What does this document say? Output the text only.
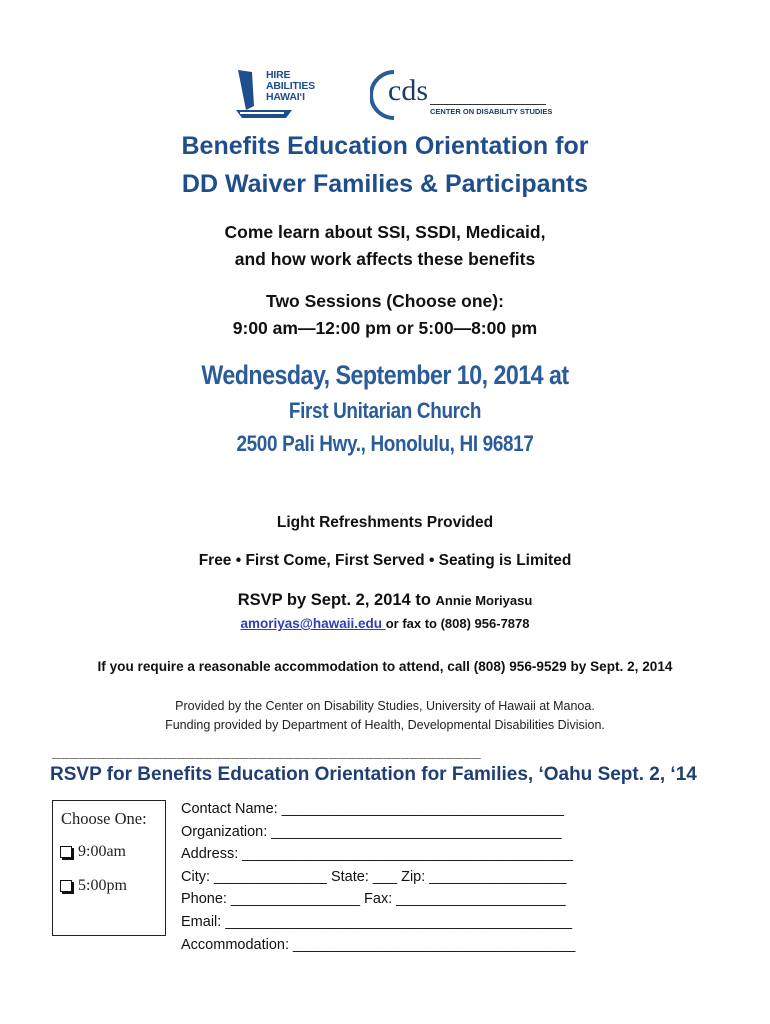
HIRE
ABILITIES
HAWAI‘I	cds
CENTER ON DISABILITY STUDIES
Benefits Education Orientation for
DD Waiver Families & Participants
Come learn about SSI, SSDI, Medicaid,
and how work affects these benefits
Two Sessions (Choose one):
9:00 am—12:00 pm or 5:00—8:00 pm
Wednesday, September 10, 2014 at
First Unitarian Church
2500 Pali Hwy., Honolulu, HI 96817
Light Refreshments Provided
Free • First Come, First Served • Seating is Limited
RSVP by Sept. 2, 2014 to Annie Moriyasu
amoriyas@hawaii.edu or fax to (808) 956-7878
If you require a reasonable accommodation to attend, call (808) 956-9529 by Sept. 2, 2014
Provided by the Center on Disability Studies, University of Hawaii at Manoa.
Funding provided by Department of Health, Developmental Disabilities Division.
________________________________________________
RSVP for Benefits Education Orientation for Families, ‘Oahu Sept. 2, ‘14
Choose One:
9:00am
5:00pm
Contact Name: ___________________________________
Organization: ____________________________________
Address: _________________________________________
City: ______________ State: ___ Zip: _________________
Phone: ________________ Fax: _____________________
Email: ___________________________________________
Accommodation: ___________________________________
